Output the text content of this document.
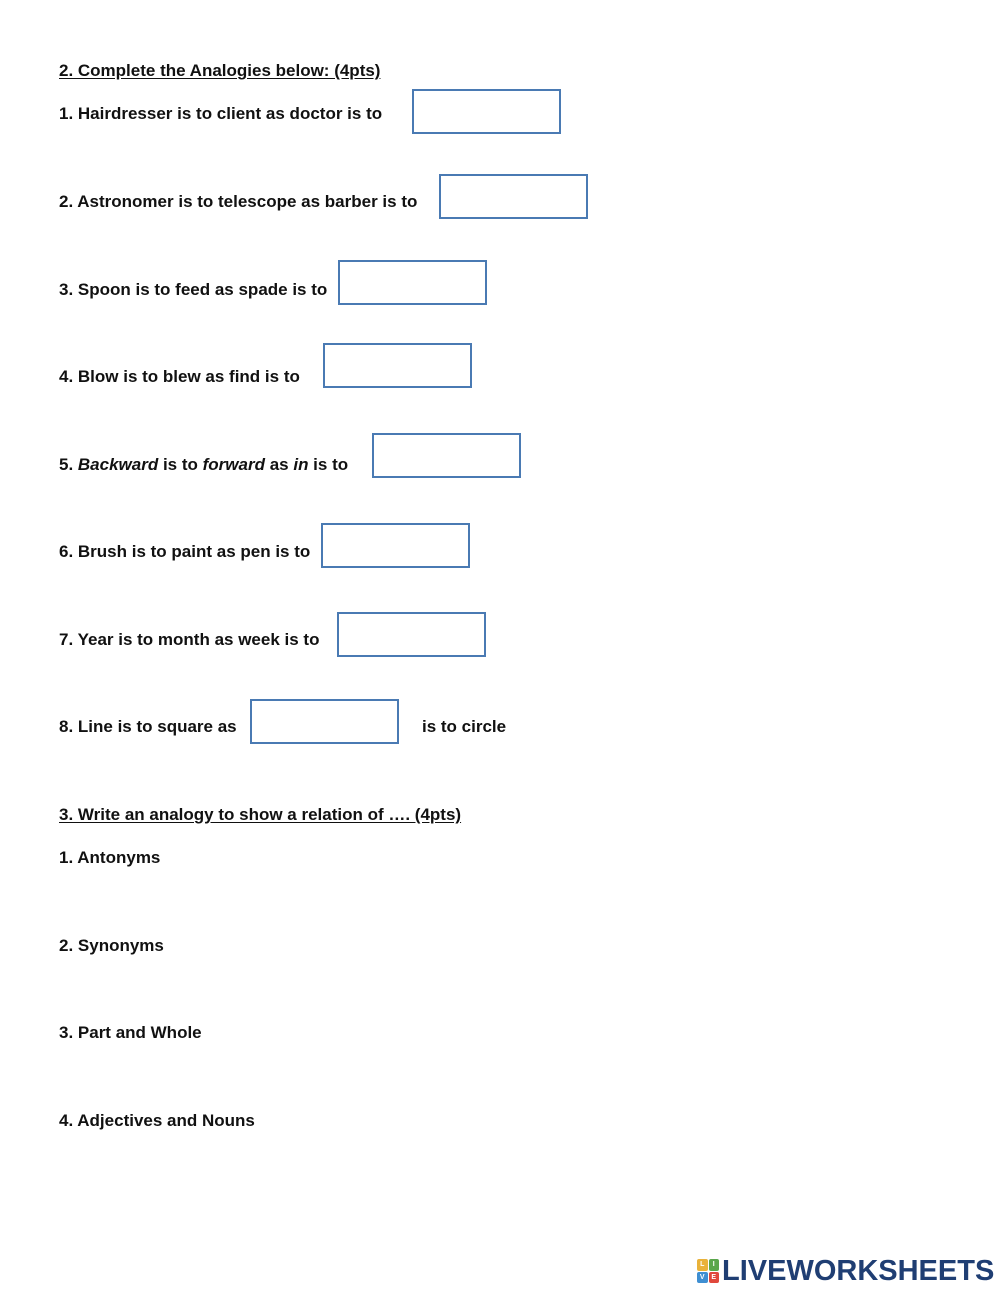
2. Complete the Analogies below: (4pts)
1. Hairdresser is to client as doctor is to
2. Astronomer is to telescope as barber is to
3. Spoon is to feed as spade is to
4. Blow is to blew as find is to
5. Backward is to forward as in is to
6. Brush is to paint as pen is to
7. Year is to month as week is to
8. Line is to square as	is to circle
3. Write an analogy to show a relation of …. (4pts)
1. Antonyms
2. Synonyms
3. Part and Whole
4. Adjectives and Nouns
L	I
V E LIVEWORKSHEETS
